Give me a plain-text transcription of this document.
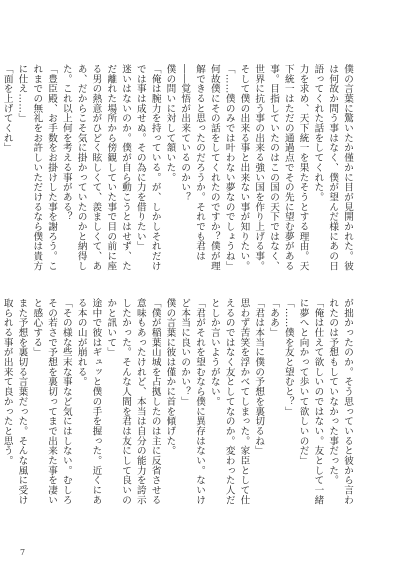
僕の言葉に驚いたか僅かに目が見開かれた。彼は何故か問う事はなく、僕が望んだ様にあの日語ってくれた話をしてくれた。

力を求め、天下統一を果たそうとする理由。天下統一はただの通過点でその先に望む夢がある事。目指していたのはこの国の天下ではなく、世界に抗う事の出来る強い国を作り上げる事。そして僕の出来る事と出来ない事が知りたい。

「……僕のみでは叶わない夢なのでしょうね」

何故僕にその話をしてくれたのですか？僕が理解できると思ったのだろうか。それでも君は――覚悟が出来ているのかい？

僕の問いに対して頷いた。

「俺は腕力を持っている。が、しかしそれだけでは事は成せぬ。その為に力を借りたい」

迷いはないのか。僕が自ら動こうとはせず、ただ離れた場所から傍観していた事で目の前に座る男の熱意がひどく眩しくて、羨ましくて、ああ、だからこそ気に掛かっていたのかと納得した。これ以上何を考える事がある？

「豊臣殿、お手数をお掛けした事を謝ろう。これまでの無礼をお許しいただけるなら僕は貴方に仕え……」

「面を上げてくれ」

が拙かったのか。そう思っていると彼から言われたのは予想もしていなかった事だった。

「俺は仕えて欲しいのではない。友として一緒に夢へと向かって歩いて欲しいのだ」

「……僕を友と望むと？」

「ああ」

「君は本当に僕の予想を裏切るね」

思わず苦笑を浮かべてしまった。家臣として仕えるのではなく友としてなのか。変わった人だとしか言いようがない。

「君がそれを望むなら僕に異存はない。ないけど本当に良いのかい？」

僕の言葉に彼は僅かに首を傾げた。

「僕が稲葉山城を占拠したのは主に反省させる意味もあったけれど、本当は自分の能力を誇示したかった。そんな人間を君は友にして良いのかと訊いて」

途中で彼はギュッと僕の手を握った。近くにある本の山が崩れる。

「その様な些末な事など気にはしない。むしろその若さで予想を裏切ってまで出来た事を凄いと感心する」

また予想を裏切る言葉だった。そんな風に受け取られる事が出来て良かったと思う。

7
